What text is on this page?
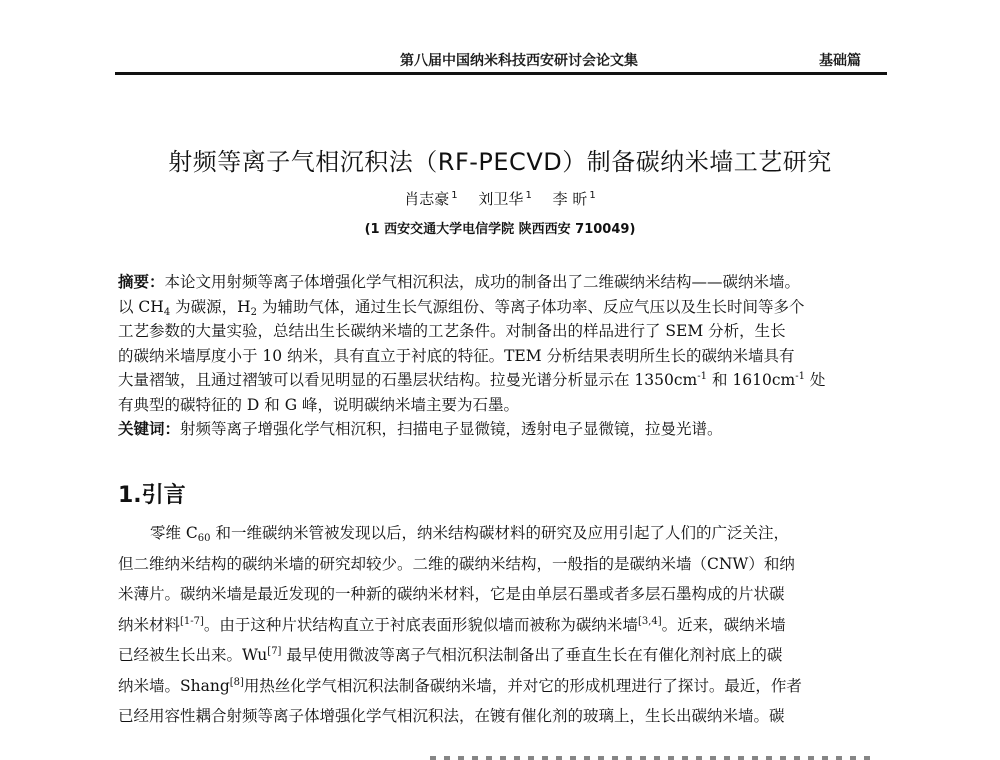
第八届中国纳米科技西安研讨会论文集	基础篇
射频等离子气相沉积法（RF-PECVD）制备碳纳米墙工艺研究
肖志豪 $^1$ 刘卫华 $^1$ 李 昕 $^1$
(1 西安交通大学电信学院 陕西西安 710049)
摘要：本论文用射频等离子体增强化学气相沉积法，成功的制备出了二维碳纳米结构——碳纳米墙。
以 $CH_4$ 为碳源，$H_2$ 为辅助气体，通过生长气源组份、等离子体功率、反应气压以及生长时间等多个
工艺参数的大量实验，总结出生长碳纳米墙的工艺条件。对制备出的样品进行了 SEM 分析，生长
的碳纳米墙厚度小于 10 纳米，具有直立于衬底的特征。TEM 分析结果表明所生长的碳纳米墙具有
大量褶皱，且通过褶皱可以看见明显的石墨层状结构。拉曼光谱分析显示在 $1350cm^{-1}$ 和 $1610cm^{-1}$ 处
有典型的碳特征的 D 和 G 峰，说明碳纳米墙主要为石墨。
关键词：射频等离子增强化学气相沉积，扫描电子显微镜，透射电子显微镜，拉曼光谱。
1.引言
零维 $C_{60}$ 和一维碳纳米管被发现以后，纳米结构碳材料的研究及应用引起了人们的广泛关注，
但二维纳米结构的碳纳米墙的研究却较少。二维的碳纳米结构，一般指的是碳纳米墙（CNW）和纳
米薄片。碳纳米墙是最近发现的一种新的碳纳米材料，它是由单层石墨或者多层石墨构成的片状碳
纳米材料[1-7]。由于这种片状结构直立于衬底表面形貌似墙而被称为碳纳米墙[3,4]。近来，碳纳米墙
已经被生长出来。Wu[7] 最早使用微波等离子气相沉积法制备出了垂直生长在有催化剂衬底上的碳
纳米墙。Shang[8]用热丝化学气相沉积法制备碳纳米墙，并对它的形成机理进行了探讨。最近，作者
已经用容性耦合射频等离子体增强化学气相沉积法，在镀有催化剂的玻璃上，生长出碳纳米墙。碳
